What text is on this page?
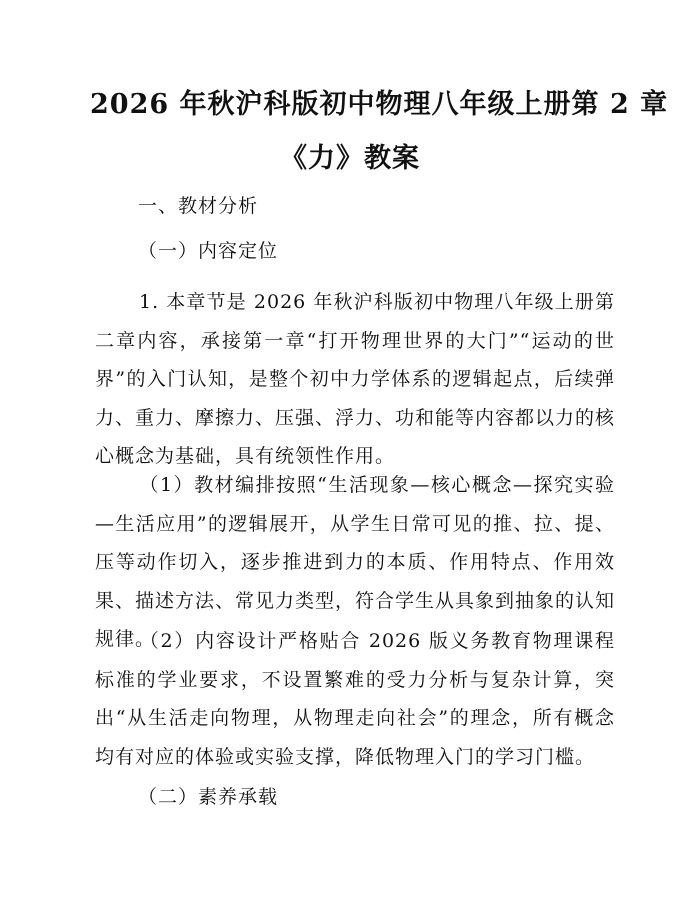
2026 年秋沪科版初中物理八年级上册第 2 章
《力》教案
一、教材分析
（一）内容定位
1. 本章节是 2026 年秋沪科版初中物理八年级上册第二章内容，承接第一章“打开物理世界的大门”“运动的世界”的入门认知，是整个初中力学体系的逻辑起点，后续弹力、重力、摩擦力、压强、浮力、功和能等内容都以力的核心概念为基础，具有统领性作用。
（1）教材编排按照“生活现象—核心概念—探究实验—生活应用”的逻辑展开，从学生日常可见的推、拉、提、压等动作切入，逐步推进到力的本质、作用特点、作用效果、描述方法、常见力类型，符合学生从具象到抽象的认知规律。
（2）内容设计严格贴合 2026 版义务教育物理课程标准的学业要求，不设置繁难的受力分析与复杂计算，突出“从生活走向物理，从物理走向社会”的理念，所有概念均有对应的体验或实验支撑，降低物理入门的学习门槛。
（二）素养承载
